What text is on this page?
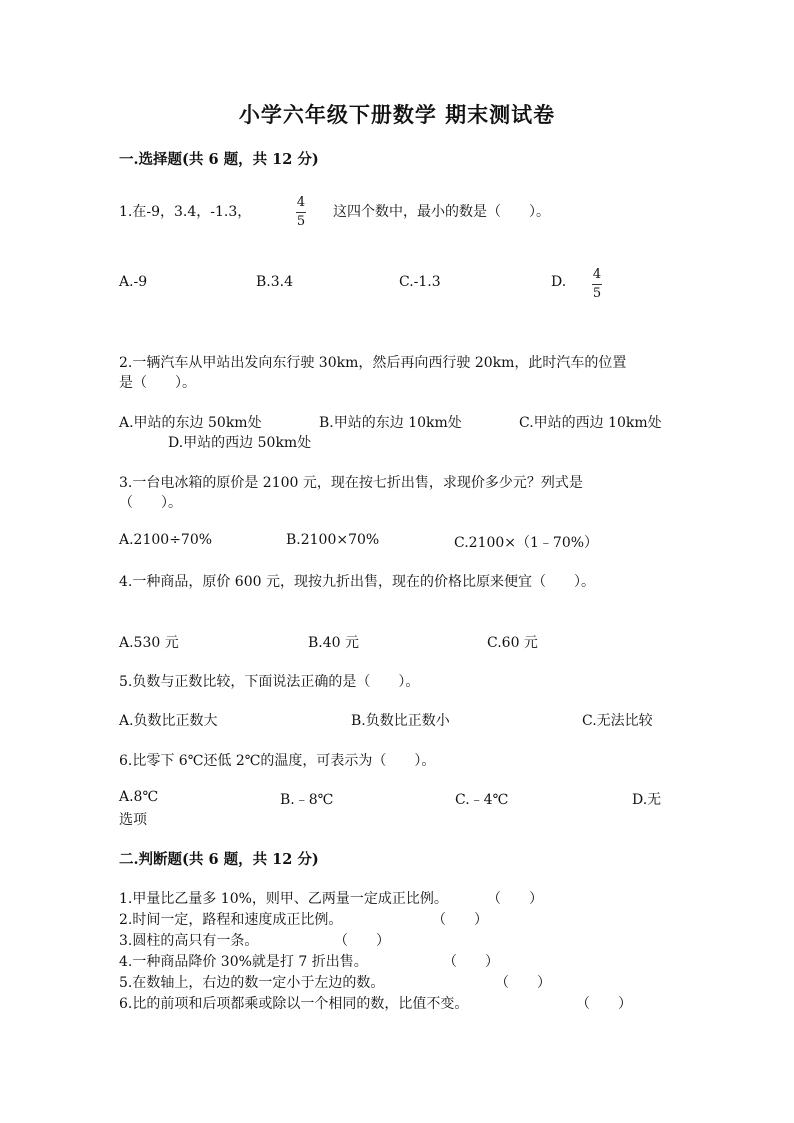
小学六年级下册数学 期末测试卷
一.选择题(共 6 题，共 12 分)
1.在-9，3.4，-1.3，
4
5
这四个数中，最小的数是（　　）。
A.-9	B.3.4	C.-1.3	D. 4
5
2.一辆汽车从甲站出发向东行驶 30km，然后再向西行驶 20km，此时汽车的位置
是（　　）。
A.甲站的东边 50km处	B.甲站的东边 10km处	C.甲站的西边 10km处
D.甲站的西边 50km处
3.一台电冰箱的原价是 2100 元，现在按七折出售，求现价多少元？列式是
（　　）。
A.2100÷70%	B.2100×70%	C.2100×（1﹣70%）
4.一种商品，原价 600 元，现按九折出售，现在的价格比原来便宜（　　）。
A.530 元	B.40 元	C.60 元
5.负数与正数比较，下面说法正确的是（　　）。
A.负数比正数大	B.负数比正数小	C.无法比较
6.比零下 6℃还低 2℃的温度，可表示为（　　）。
A.8℃	B.﹣8℃	C.﹣4℃	D.无
选项
二.判断题(共 6 题，共 12 分)
1.甲量比乙量多 10%，则甲、乙两量一定成正比例。	（　　）
2.时间一定，路程和速度成正比例。	（　　）
3.圆柱的高只有一条。	（　　）
4.一种商品降价 30%就是打 7 折出售。	（　　）
5.在数轴上，右边的数一定小于左边的数。	（　　）
6.比的前项和后项都乘或除以一个相同的数，比值不变。	（　　）
